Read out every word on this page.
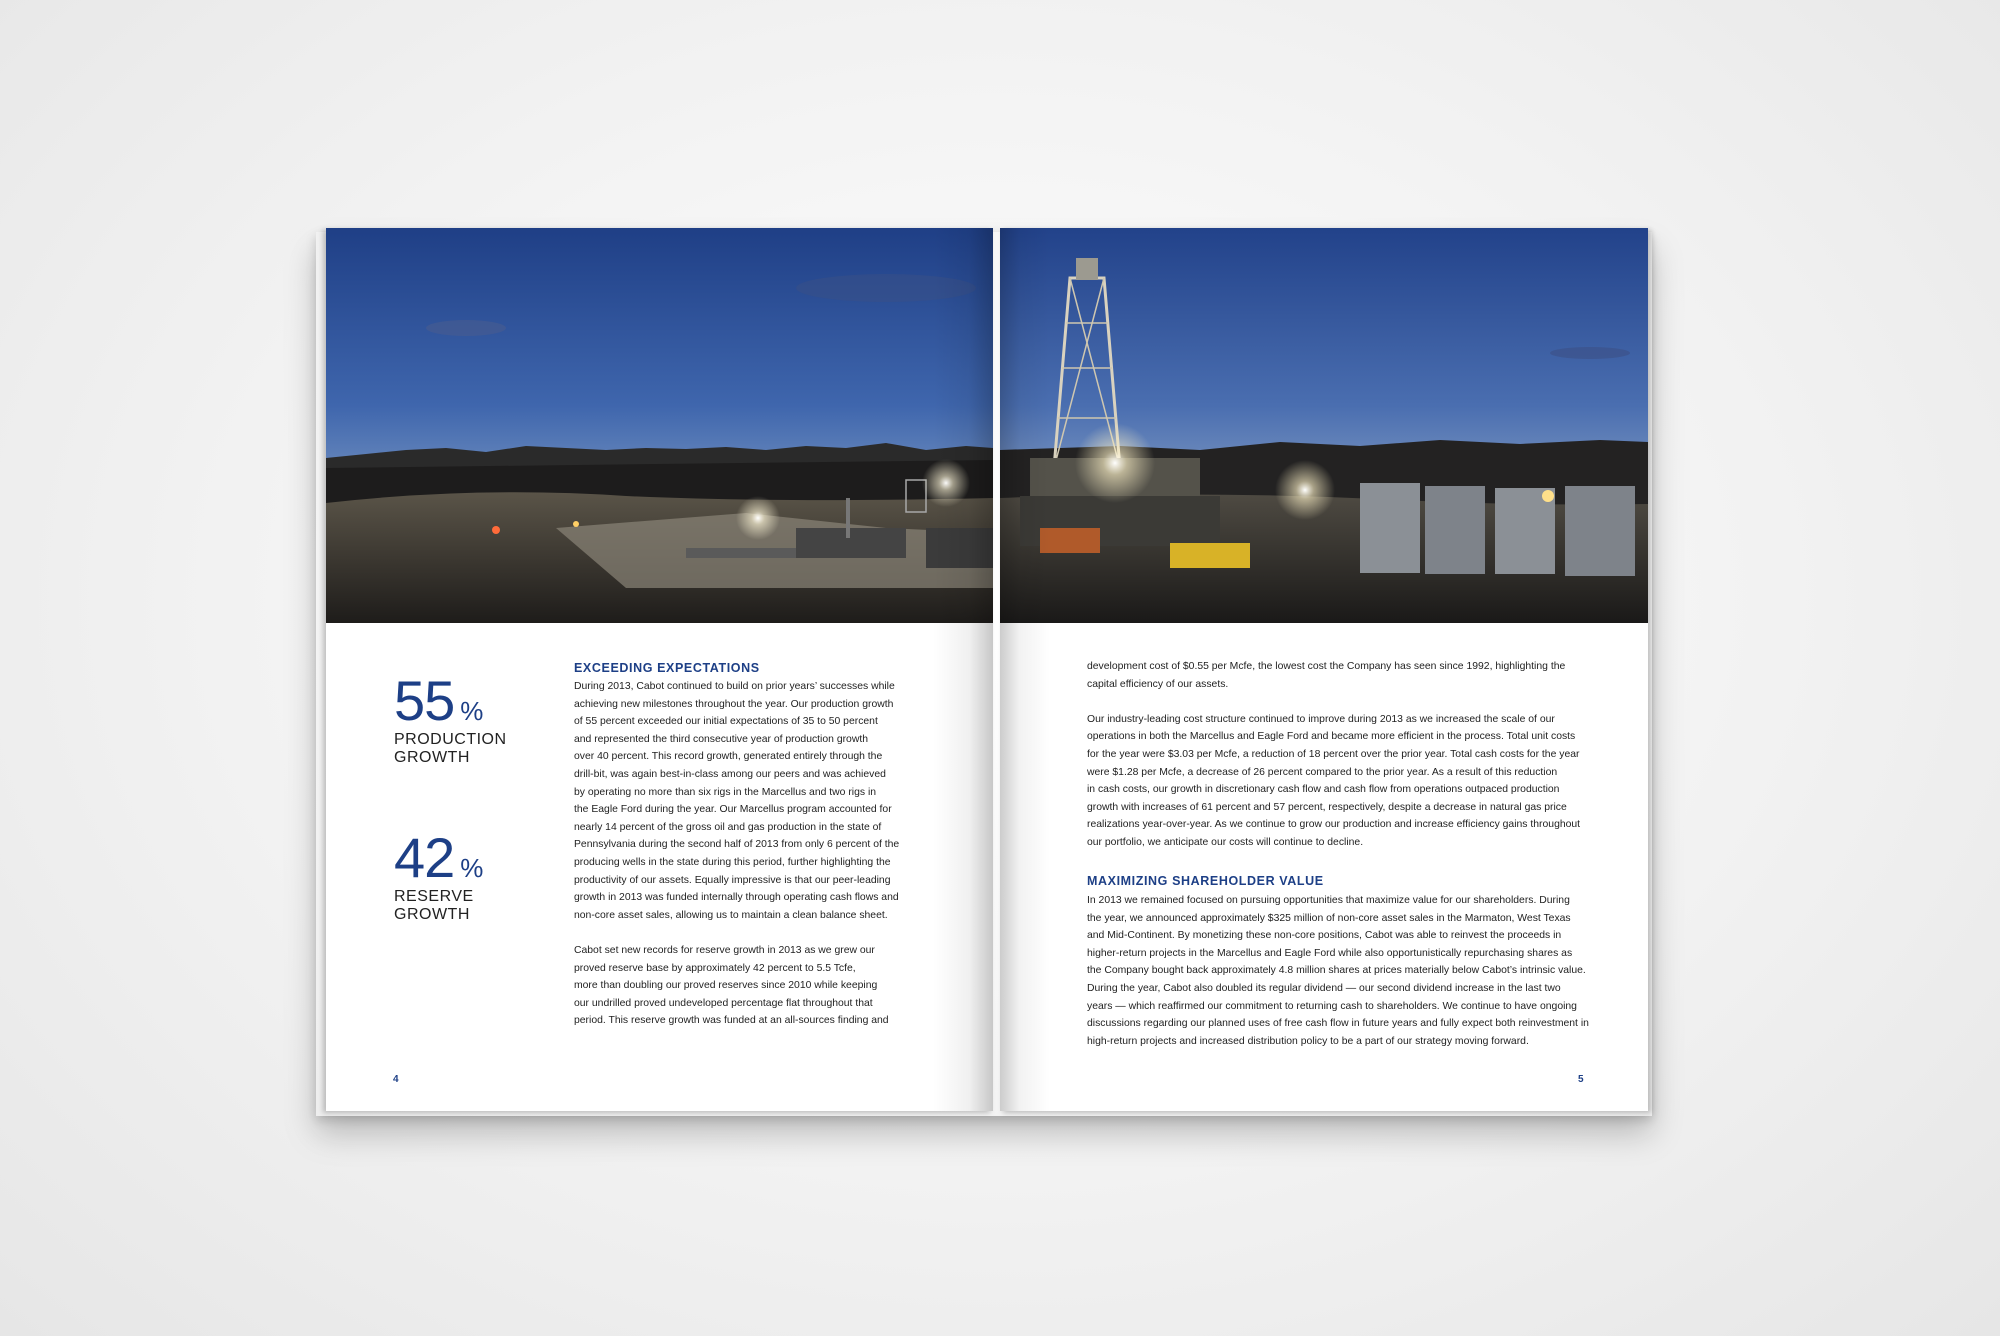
55 %
PRODUCTION
GROWTH
42 %
RESERVE
GROWTH
EXCEEDING EXPECTATIONS
During 2013, Cabot continued to build on prior years’ successes while
achieving new milestones throughout the year. Our production growth
of 55 percent exceeded our initial expectations of 35 to 50 percent
and represented the third consecutive year of production growth
over 40 percent. This record growth, generated entirely through the
drill-bit, was again best-in-class among our peers and was achieved
by operating no more than six rigs in the Marcellus and two rigs in
the Eagle Ford during the year. Our Marcellus program accounted for
nearly 14 percent of the gross oil and gas production in the state of
Pennsylvania during the second half of 2013 from only 6 percent of the
producing wells in the state during this period, further highlighting the
productivity of our assets. Equally impressive is that our peer-leading
growth in 2013 was funded internally through operating cash flows and
non-core asset sales, allowing us to maintain a clean balance sheet.
Cabot set new records for reserve growth in 2013 as we grew our
proved reserve base by approximately 42 percent to 5.5 Tcfe,
more than doubling our proved reserves since 2010 while keeping
our undrilled proved undeveloped percentage flat throughout that
period. This reserve growth was funded at an all-sources finding and
4
development cost of $0.55 per Mcfe, the lowest cost the Company has seen since 1992, highlighting the
capital efficiency of our assets.
Our industry-leading cost structure continued to improve during 2013 as we increased the scale of our
operations in both the Marcellus and Eagle Ford and became more efficient in the process. Total unit costs
for the year were $3.03 per Mcfe, a reduction of 18 percent over the prior year. Total cash costs for the year
were $1.28 per Mcfe, a decrease of 26 percent compared to the prior year. As a result of this reduction
in cash costs, our growth in discretionary cash flow and cash flow from operations outpaced production
growth with increases of 61 percent and 57 percent, respectively, despite a decrease in natural gas price
realizations year-over-year. As we continue to grow our production and increase efficiency gains throughout
our portfolio, we anticipate our costs will continue to decline.
MAXIMIZING SHAREHOLDER VALUE
In 2013 we remained focused on pursuing opportunities that maximize value for our shareholders. During
the year, we announced approximately $325 million of non-core asset sales in the Marmaton, West Texas
and Mid-Continent. By monetizing these non-core positions, Cabot was able to reinvest the proceeds in
higher-return projects in the Marcellus and Eagle Ford while also opportunistically repurchasing shares as
the Company bought back approximately 4.8 million shares at prices materially below Cabot’s intrinsic value.
During the year, Cabot also doubled its regular dividend — our second dividend increase in the last two
years — which reaffirmed our commitment to returning cash to shareholders. We continue to have ongoing
discussions regarding our planned uses of free cash flow in future years and fully expect both reinvestment in
high-return projects and increased distribution policy to be a part of our strategy moving forward.
5
